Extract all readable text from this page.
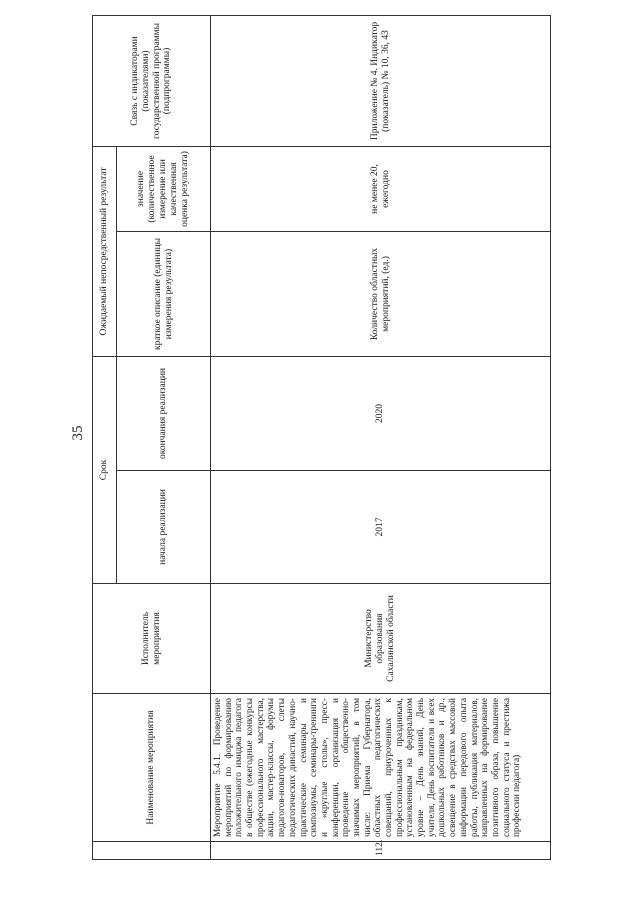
35
	Наименование мероприятия	Исполнитель мероприятия	Срок		Ожидаемый непосредственный результат		Связь с индикаторами (показателями) государственной программы (подпрограммы)
			начала реализации	окончания реализации	краткое описание (единицы измерения результата)	значение (количественное измерение или качественная оценка результата)	
112.	Мероприятие 5.4.1. Проведение мероприятий по формированию положительного имиджа педагога в обществе (ежегодные конкурсы профессионального мастерства, акции, мастер-классы, форумы педагогов-новаторов, слеты педагогических династий, научно-практические семинары и симпозиумы, семинары-тренинги и «круглые столы», пресс-конференции, организация и проведение общественно-значимых мероприятий, в том числе: Приема Губернатора, областных педагогических совещаний, приуроченных к профессиональным праздникам, установленным на федеральном уровне – День знаний, День учителя, День воспитателя и всех дошкольных работников и др., освещение в средствах массовой информации передового опыта работы, публикация материалов, направленных на формирование позитивного образа, повышение социального статуса и престижа профессии педагога)	Министерство образования Сахалинской области	2017	2020	Количество областных мероприятий, (ед.)	не менее 20, ежегодно	Приложение № 4. Индикатор (показатель) № 10, 36, 43
